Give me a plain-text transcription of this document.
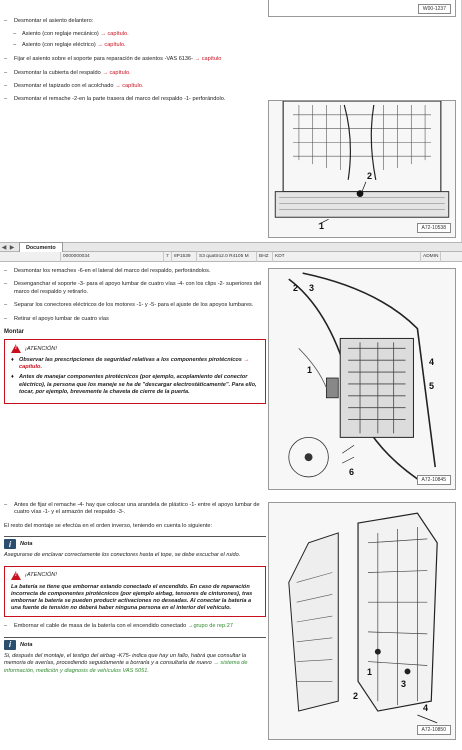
– Desmontar el asiento delantero:
– Asiento (con reglaje mecánico) → capítulo.
– Asiento (con reglaje eléctrico) → capítulo.
– Fijar el asiento sobre el soporte para reparación de asientos -VAS 6136- → capítulo
– Desmontar la cubierta del respaldo → capítulo.
– Desmontar el tapizado con el acolchado → capítulo.
– Desmontar el remache -2-en la parte trasera del marco del respaldo -1- perforándolo.
W00-1237
2
1	A72-10538
◀ ▶	Documento
0000000034	7	8P1539	S3 quattro2.0 R4105 M	BHZ	KDT	ADMIN
– Desmontar los remaches -6-en el lateral del marco del respaldo, perforándolos.
– Desenganchar el soporte -3- para el apoyo lumbar de cuatro vías -4- con los clips -2- superiores del marco del respaldo y retirarlo.
– Separar los conectores eléctricos de los motores -1- y -5- para el ajuste de los apoyos lumbares.
– Retirar el apoyo lumbar de cuatro vías
Montar
!
¡ATENCIÓN!
♦ Observar las prescripciones de seguridad relativas a los componentes pirotécnicos → capítulo.
♦ Antes de manejar componentes pirotécnicos (por ejemplo, acoplamiento del conector eléctrico), la persona que los maneje se ha de "descargar electrostáticamente". Para ello, tocar, por ejemplo, brevemente la chaveta de cierre de la puerta.
2 3
1
4
5
6
A72-10845
– Antes de fijar el remache -4- hay que colocar una arandela de plástico -1- entre el apoyo lumbar de cuatro vías -1- y el armazón del respaldo -3-.
El resto del montaje se efectúa en el orden inverso, teniendo en cuenta lo siguiente:
i	Nota
Asegurarse de enclavar correctamente los conectores hasta el tope, se debe escuchar el ruido.
!
¡ATENCIÓN!
La batería se tiene que embornar estando conectado el encendido. En caso de reparación incorrecta de componentes pirotécnicos (por ejemplo airbag, tensores de cinturones), tras embornar la batería se pueden producir activaciones no deseadas. Al conectar la batería a una fuente de tensión no deberá haber ninguna persona en el interior del vehículo.
– Embornar el cable de masa de la batería con el encendido conectado →grupo de rep.27
i	Nota
Si, después del montaje, el testigo del airbag -K75- indica que hay un fallo, habrá que consultar la memoria de averías, procediendo seguidamente a borrarla y a consultarla de nuevo → sistema de información, medición y diagnosis de vehículos VAS 5051.	1
2
3
4
A72-10850
